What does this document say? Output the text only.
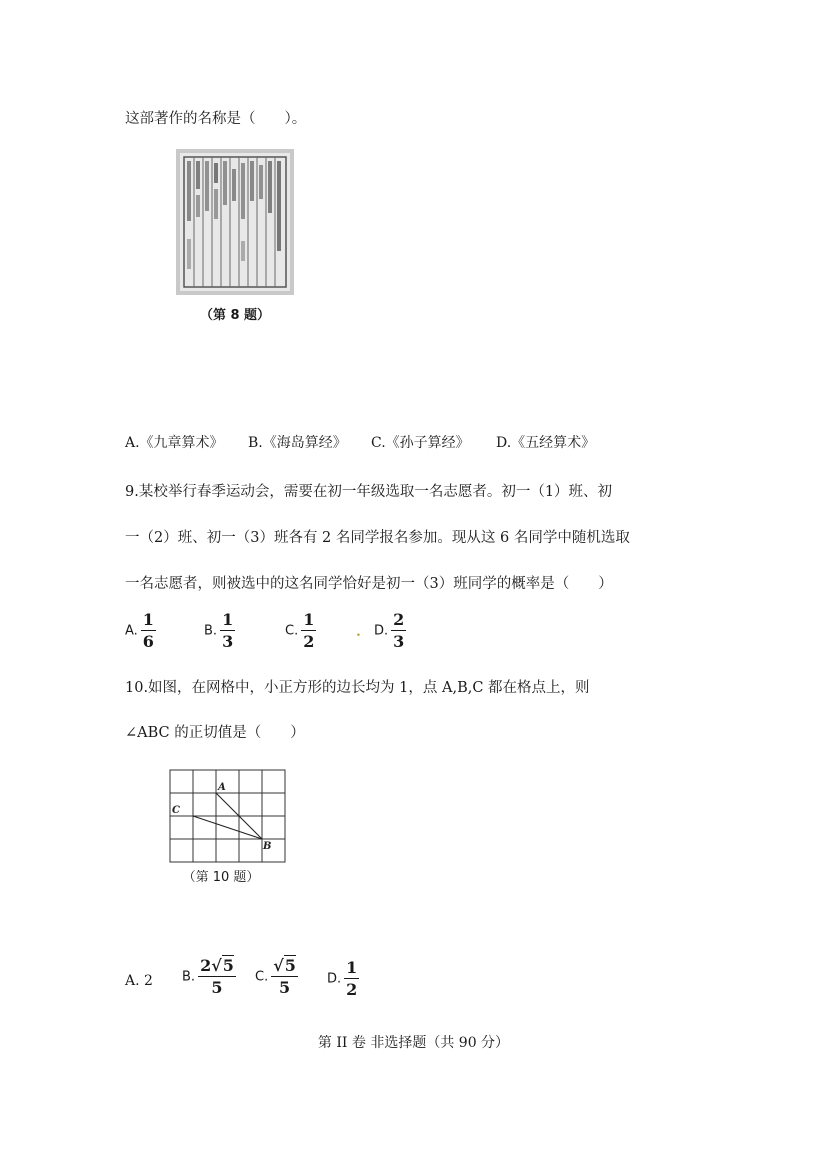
这部著作的名称是（　　）。
（第 8 题）
A.《九章算术》 B.《海岛算经》 C.《孙子算经》 D.《五经算术》
9.某校举行春季运动会，需要在初一年级选取一名志愿者。初一（1）班、初
一（2）班、初一（3）班各有 2 名同学报名参加。现从这 6 名同学中随机选取
一名志愿者，则被选中的这名同学恰好是初一（3）班同学的概率是（　　）
A. $\frac{1}{6}$	B. $\frac{1}{3}$	C. $\frac{1}{2}$	. D. $\frac{2}{3}$
10.如图，在网格中，小正方形的边长均为 1，点 A,B,C 都在格点上，则
∠ABC 的正切值是（　　）
A
C
B
（第 10 题）
A. 2 B. $\frac{2√5}{5} C$. $\frac{√5}{5} D$. $\frac{1}{2}$
第 II 卷 非选择题（共 90 分）
